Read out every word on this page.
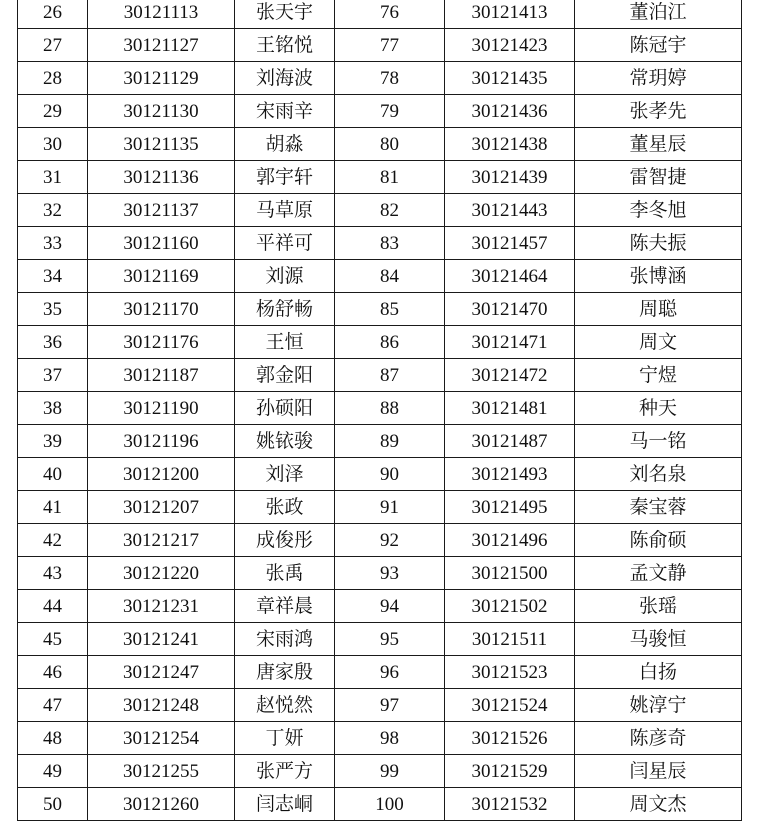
26	30121113	张天宇	76	30121413	董泊江
27	30121127	王铭悦	77	30121423	陈冠宇
28	30121129	刘海波	78	30121435	常玥婷
29	30121130	宋雨辛	79	30121436	张孝先
30	30121135	胡淼	80	30121438	董星辰
31	30121136	郭宇轩	81	30121439	雷智捷
32	30121137	马草原	82	30121443	李冬旭
33	30121160	平祥可	83	30121457	陈夫振
34	30121169	刘源	84	30121464	张博涵
35	30121170	杨舒畅	85	30121470	周聪
36	30121176	王恒	86	30121471	周文
37	30121187	郭金阳	87	30121472	宁煜
38	30121190	孙硕阳	88	30121481	种天
39	30121196	姚铱骏	89	30121487	马一铭
40	30121200	刘泽	90	30121493	刘名泉
41	30121207	张政	91	30121495	秦宝蓉
42	30121217	成俊彤	92	30121496	陈俞硕
43	30121220	张禹	93	30121500	孟文静
44	30121231	章祥晨	94	30121502	张瑶
45	30121241	宋雨鸿	95	30121511	马骏恒
46	30121247	唐家殷	96	30121523	白扬
47	30121248	赵悦然	97	30121524	姚淳宁
48	30121254	丁妍	98	30121526	陈彦奇
49	30121255	张严方	99	30121529	闫星辰
50	30121260	闫志峒	100	30121532	周文杰
